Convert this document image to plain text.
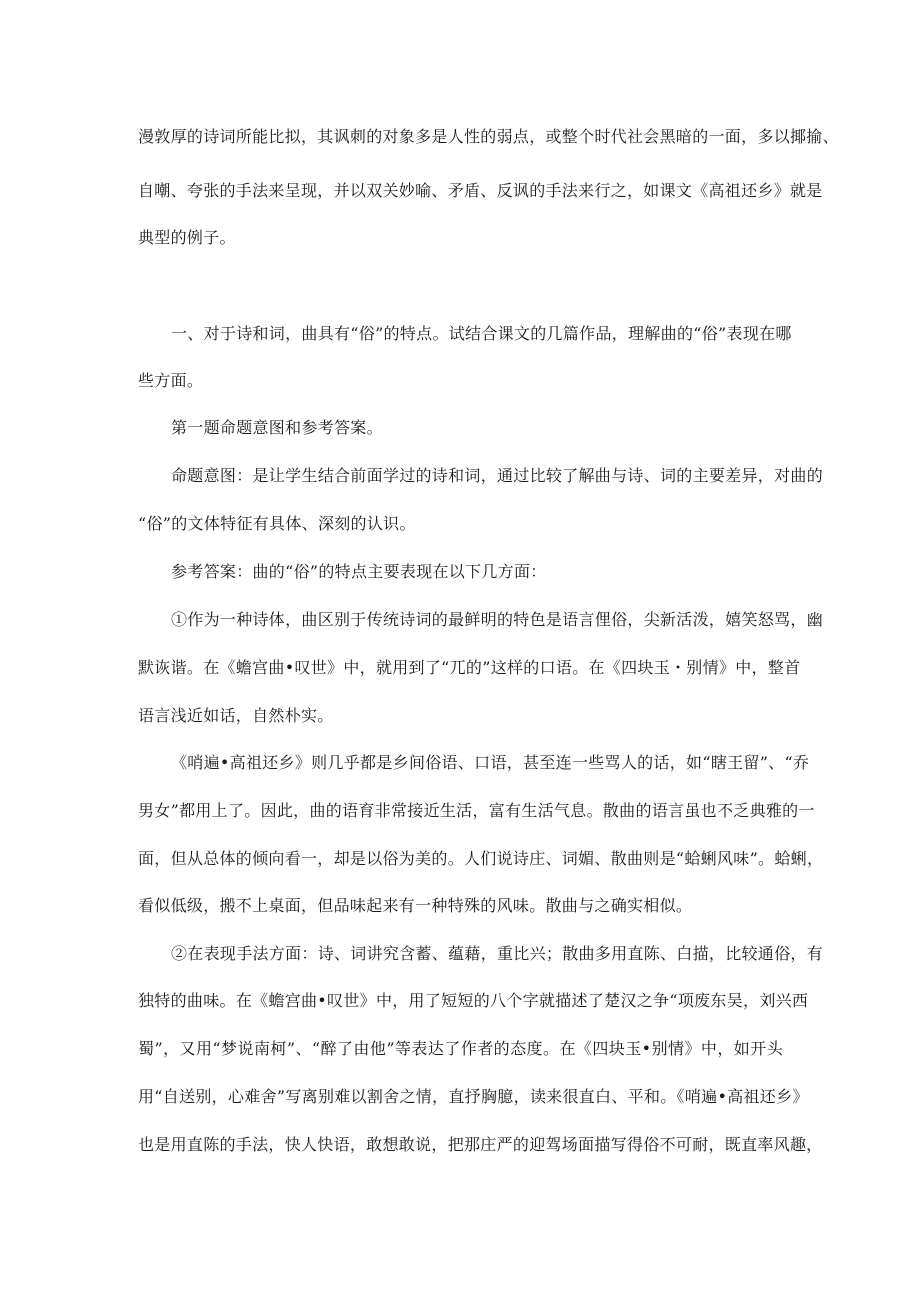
漫敦厚的诗词所能比拟，其讽刺的对象多是人性的弱点，或整个时代社会黑暗的一面，多以揶揄、
自嘲、夸张的手法来呈现，并以双关妙喻、矛盾、反讽的手法来行之，如课文《高祖还乡》就是
典型的例子。
一、对于诗和词，曲具有“俗”的特点。试结合课文的几篇作品，理解曲的“俗”表现在哪
些方面。
第一题命题意图和参考答案。
命题意图：是让学生结合前面学过的诗和词，通过比较了解曲与诗、词的主要差异，对曲的
“俗”的文体特征有具体、深刻的认识。
参考答案：曲的“俗”的特点主要表现在以下几方面：
①作为一种诗体，曲区别于传统诗词的最鲜明的特色是语言俚俗，尖新活泼，嬉笑怒骂，幽
默诙谐。在《蟾宫曲•叹世》中，就用到了“兀的”这样的口语。在《四块玉・别情》中，整首
语言浅近如话，自然朴实。
《哨遍•高祖还乡》则几乎都是乡间俗语、口语，甚至连一些骂人的话，如“瞎王留”、“乔
男女”都用上了。因此，曲的语育非常接近生活，富有生活气息。散曲的语言虽也不乏典雅的一
面，但从总体的倾向看一，却是以俗为美的。人们说诗庄、词媚、散曲则是“蛤蜊风味”。蛤蜊，
看似低级，搬不上桌面，但品味起来有一种特殊的风味。散曲与之确实相似。
②在表现手法方面：诗、词讲究含蓄、蕴藉，重比兴；散曲多用直陈、白描，比较通俗，有
独特的曲味。在《蟾宫曲•叹世》中，用了短短的八个字就描述了楚汉之争“项废东吴，刘兴西
蜀”，又用“梦说南柯”、“醉了由他”等表达了作者的态度。在《四块玉•别情》中，如开头
用“自送别，心难舍”写离别难以割舍之情，直抒胸臆，读来很直白、平和。《哨遍•高祖还乡》
也是用直陈的手法，快人快语，敢想敢说，把那庄严的迎驾场面描写得俗不可耐，既直率风趣，
